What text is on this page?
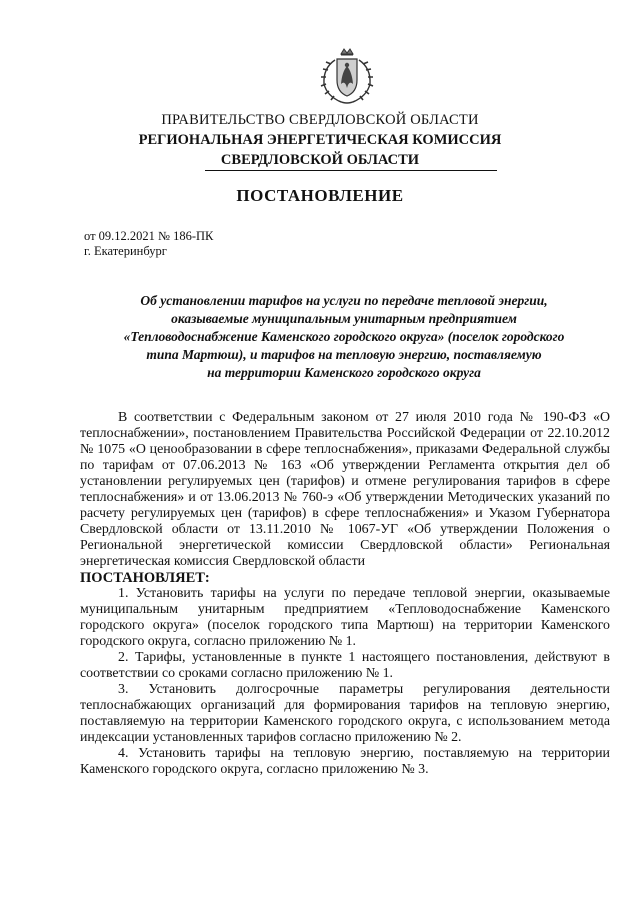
ПРАВИТЕЛЬСТВО СВЕРДЛОВСКОЙ ОБЛАСТИ
РЕГИОНАЛЬНАЯ ЭНЕРГЕТИЧЕСКАЯ КОМИССИЯ
СВЕРДЛОВСКОЙ ОБЛАСТИ
ПОСТАНОВЛЕНИЕ
от 09.12.2021 № 186-ПК
г. Екатеринбург
Об установлении тарифов на услуги по передаче тепловой энергии,
оказываемые муниципальным унитарным предприятием
«Тепловодоснабжение Каменского городского округа» (поселок городского
типа Мартюш), и тарифов на тепловую энергию, поставляемую
на территории Каменского городского округа

В соответствии с Федеральным законом от 27 июля 2010 года № 190-ФЗ «О теплоснабжении», постановлением Правительства Российской Федерации от 22.10.2012 № 1075 «О ценообразовании в сфере теплоснабжения», приказами Федеральной службы по тарифам от 07.06.2013 № 163 «Об утверждении Регламента открытия дел об установлении регулируемых цен (тарифов) и отмене регулирования тарифов в сфере теплоснабжения» и от 13.06.2013 № 760-э «Об утверждении Методических указаний по расчету регулируемых цен (тарифов) в сфере теплоснабжения» и Указом Губернатора Свердловской области от 13.11.2010 № 1067-УГ «Об утверждении Положения о Региональной энергетической комиссии Свердловской области» Региональная энергетическая комиссия Свердловской области

ПОСТАНОВЛЯЕТ:

1. Установить тарифы на услуги по передаче тепловой энергии, оказываемые муниципальным унитарным предприятием «Тепловодоснабжение Каменского городского округа» (поселок городского типа Мартюш) на территории Каменского городского округа, согласно приложению № 1.

2. Тарифы, установленные в пункте 1 настоящего постановления, действуют в соответствии со сроками согласно приложению № 1.

3. Установить долгосрочные параметры регулирования деятельности теплоснабжающих организаций для формирования тарифов на тепловую энергию, поставляемую на территории Каменского городского округа, с использованием метода индексации установленных тарифов согласно приложению № 2.

4. Установить тарифы на тепловую энергию, поставляемую на территории Каменского городского округа, согласно приложению № 3.
